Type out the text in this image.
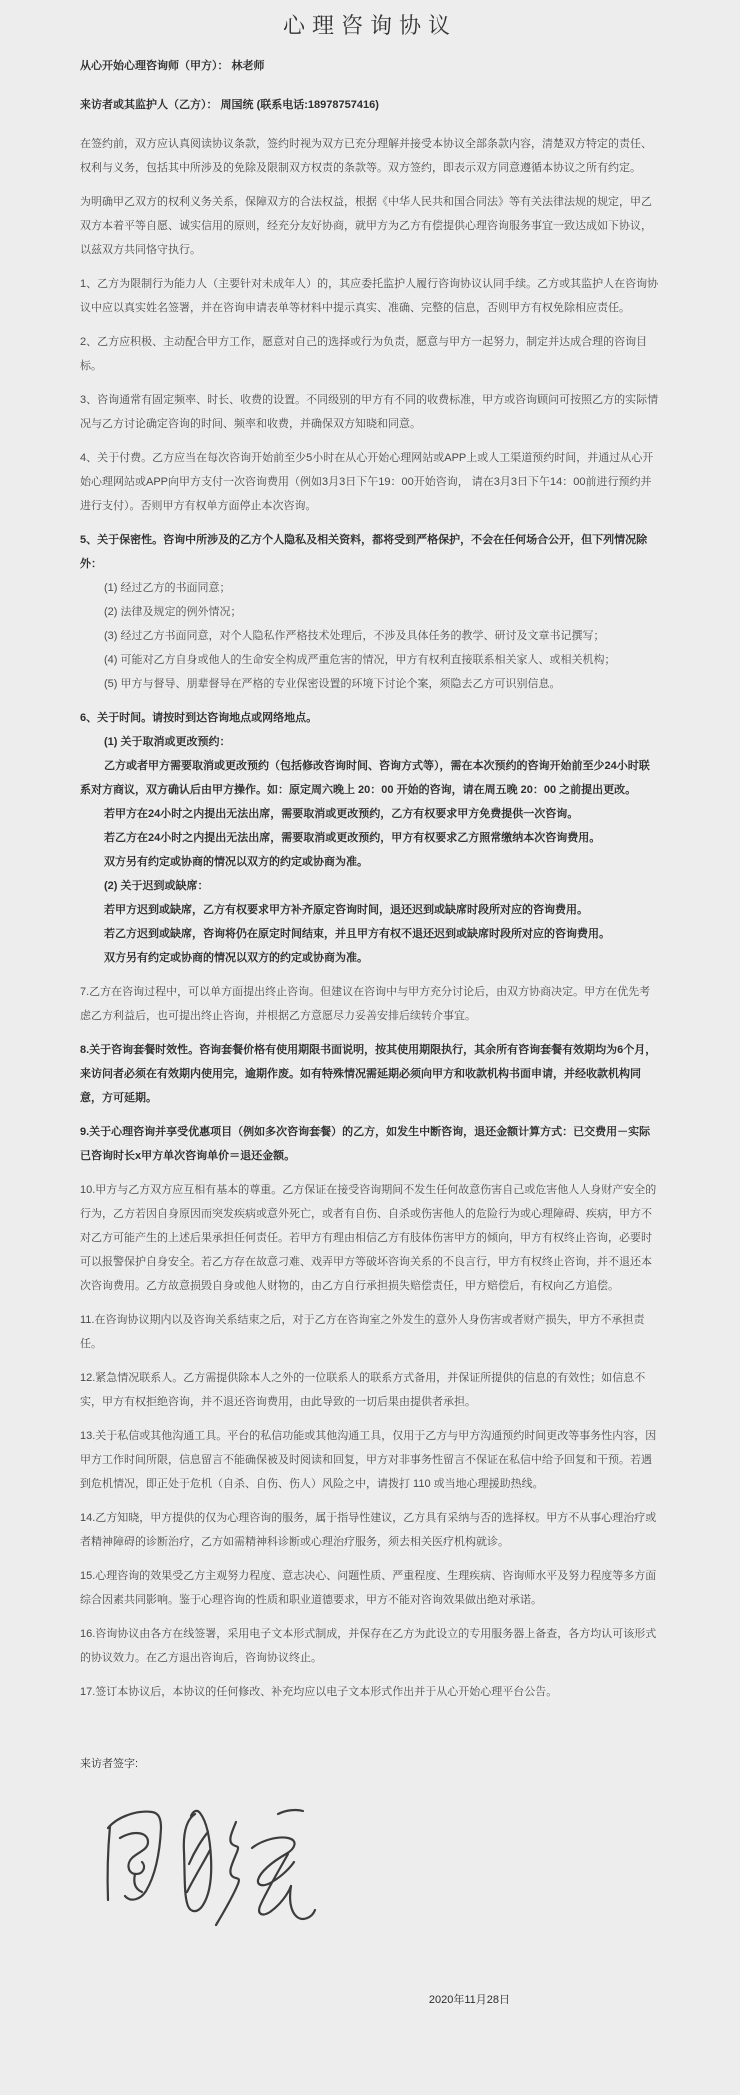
心理咨询协议

从心开始心理咨询师（甲方）： 林老师

来访者或其监护人（乙方）： 周国统 (联系电话:18978757416)

在签约前，双方应认真阅读协议条款，签约时视为双方已充分理解并接受本协议全部条款内容，清楚双方特定的责任、权利与义务，包括其中所涉及的免除及限制双方权责的条款等。双方签约，即表示双方同意遵循本协议之所有约定。

为明确甲乙双方的权利义务关系，保障双方的合法权益，根据《中华人民共和国合同法》等有关法律法规的规定，甲乙双方本着平等自愿、诚实信用的原则，经充分友好协商，就甲方为乙方有偿提供心理咨询服务事宜一致达成如下协议，以兹双方共同恪守执行。

1、乙方为限制行为能力人（主要针对未成年人）的，其应委托监护人履行咨询协议认同手续。乙方或其监护人在咨询协议中应以真实姓名签署，并在咨询申请表单等材料中提示真实、准确、完整的信息，否则甲方有权免除相应责任。

2、乙方应积极、主动配合甲方工作，愿意对自己的选择或行为负责，愿意与甲方一起努力，制定并达成合理的咨询目标。

3、咨询通常有固定频率、时长、收费的设置。不同级别的甲方有不同的收费标准，甲方或咨询顾问可按照乙方的实际情况与乙方讨论确定咨询的时间、频率和收费，并确保双方知晓和同意。

4、关于付费。乙方应当在每次咨询开始前至少5小时在从心开始心理网站或APP上或人工渠道预约时间，并通过从心开始心理网站或APP向甲方支付一次咨询费用（例如3月3日下午19：00开始咨询， 请在3月3日下午14：00前进行预约并进行支付）。否则甲方有权单方面停止本次咨询。

5、关于保密性。咨询中所涉及的乙方个人隐私及相关资料，都将受到严格保护，不会在任何场合公开，但下列情况除外：

(1) 经过乙方的书面同意；

(2) 法律及规定的例外情况；

(3) 经过乙方书面同意，对个人隐私作严格技术处理后，不涉及具体任务的教学、研讨及文章书记撰写；

(4) 可能对乙方自身或他人的生命安全构成严重危害的情况，甲方有权利直接联系相关家人、或相关机构；

(5) 甲方与督导、朋辈督导在严格的专业保密设置的环境下讨论个案，须隐去乙方可识别信息。

6、关于时间。请按时到达咨询地点或网络地点。

(1) 关于取消或更改预约：

乙方或者甲方需要取消或更改预约（包括修改咨询时间、咨询方式等），需在本次预约的咨询开始前至少24小时联系对方商议，双方确认后由甲方操作。如：原定周六晚上 20：00 开始的咨询，请在周五晚 20：00 之前提出更改。

若甲方在24小时之内提出无法出席，需要取消或更改预约，乙方有权要求甲方免费提供一次咨询。

若乙方在24小时之内提出无法出席，需要取消或更改预约，甲方有权要求乙方照常缴纳本次咨询费用。

双方另有约定或协商的情况以双方的约定或协商为准。

(2) 关于迟到或缺席：

若甲方迟到或缺席，乙方有权要求甲方补齐原定咨询时间，退还迟到或缺席时段所对应的咨询费用。

若乙方迟到或缺席，咨询将仍在原定时间结束，并且甲方有权不退还迟到或缺席时段所对应的咨询费用。

双方另有约定或协商的情况以双方的约定或协商为准。

7.乙方在咨询过程中，可以单方面提出终止咨询。但建议在咨询中与甲方充分讨论后，由双方协商决定。甲方在优先考虑乙方利益后，也可提出终止咨询，并根据乙方意愿尽力妥善安排后续转介事宜。

8.关于咨询套餐时效性。咨询套餐价格有使用期限书面说明，按其使用期限执行，其余所有咨询套餐有效期均为6个月，来访问者必须在有效期内使用完，逾期作废。如有特殊情况需延期必须向甲方和收款机构书面申请，并经收款机构同意，方可延期。

9.关于心理咨询并享受优惠项目（例如多次咨询套餐）的乙方，如发生中断咨询，退还金额计算方式：已交费用－实际已咨询时长x甲方单次咨询单价＝退还金额。

10.甲方与乙方双方应互相有基本的尊重。乙方保证在接受咨询期间不发生任何故意伤害自己或危害他人人身财产安全的行为，乙方若因自身原因而突发疾病或意外死亡，或者有自伤、自杀或伤害他人的危险行为或心理障碍、疾病，甲方不对乙方可能产生的上述后果承担任何责任。若甲方有理由相信乙方有肢体伤害甲方的倾向，甲方有权终止咨询，必要时可以报警保护自身安全。若乙方存在故意刁难、戏弄甲方等破坏咨询关系的不良言行，甲方有权终止咨询，并不退还本次咨询费用。乙方故意损毁自身或他人财物的，由乙方自行承担损失赔偿责任，甲方赔偿后，有权向乙方追偿。

11.在咨询协议期内以及咨询关系结束之后，对于乙方在咨询室之外发生的意外人身伤害或者财产损失，甲方不承担责任。

12.紧急情况联系人。乙方需提供除本人之外的一位联系人的联系方式备用，并保证所提供的信息的有效性；如信息不实，甲方有权拒绝咨询，并不退还咨询费用，由此导致的一切后果由提供者承担。

13.关于私信或其他沟通工具。平台的私信功能或其他沟通工具，仅用于乙方与甲方沟通预约时间更改等事务性内容，因甲方工作时间所限，信息留言不能确保被及时阅读和回复，甲方对非事务性留言不保证在私信中给予回复和干预。若遇到危机情况，即正处于危机（自杀、自伤、伤人）风险之中，请拨打 110 或当地心理援助热线。

14.乙方知晓，甲方提供的仅为心理咨询的服务，属于指导性建议，乙方具有采纳与否的选择权。甲方不从事心理治疗或者精神障碍的诊断治疗，乙方如需精神科诊断或心理治疗服务，须去相关医疗机构就诊。

15.心理咨询的效果受乙方主观努力程度、意志决心、问题性质、严重程度、生理疾病、咨询师水平及努力程度等多方面综合因素共同影响。鉴于心理咨询的性质和职业道德要求，甲方不能对咨询效果做出绝对承诺。

16.咨询协议由各方在线签署，采用电子文本形式制成，并保存在乙方为此设立的专用服务器上备查，各方均认可该形式的协议效力。在乙方退出咨询后，咨询协议终止。

17.签订本协议后，本协议的任何修改、补充均应以电子文本形式作出并于从心开始心理平台公告。

来访者签字:

2020年11月28日
